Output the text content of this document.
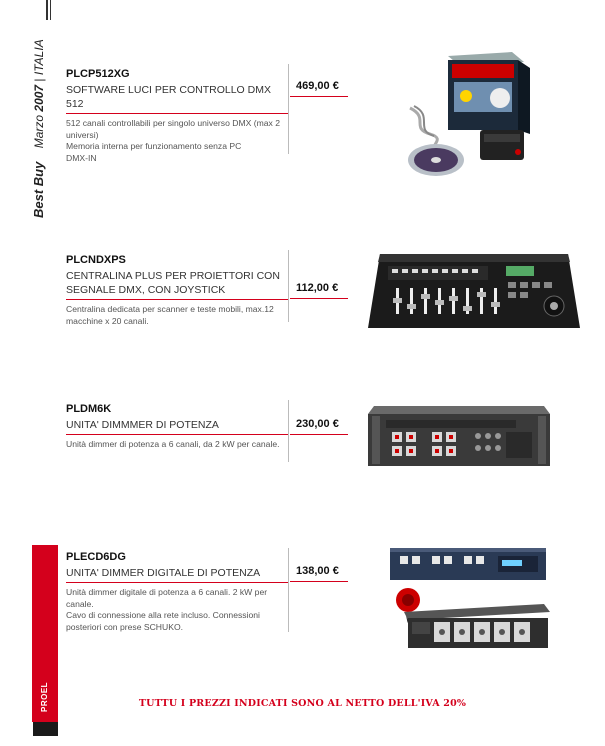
Best Buy Marzo 2007 | ITALIA
PROEL
PLCP512XG
SOFTWARE LUCI PER CONTROLLO DMX 512
512 canali controllabili per singolo universo DMX (max 2 universi)
Memoria interna per funzionamento senza PC
DMX-IN
469,00 €
PLCNDXPS
CENTRALINA PLUS PER PROIETTORI CON SEGNALE DMX, CON JOYSTICK
Centralina dedicata per scanner e teste mobili, max.12 macchine x 20 canali.
112,00 €
PLDM6K
UNITA' DIMMMER DI POTENZA
Unità dimmer di potenza a 6 canali, da 2 kW per canale.
230,00 €
PLECD6DG
UNITA' DIMMER DIGITALE DI POTENZA
Unità dimmer digitale di potenza a 6 canali. 2 kW per canale.
Cavo di connessione alla rete incluso. Connessioni posteriori con prese SCHUKO.
138,00 €
TUTTU I PREZZI INDICATI SONO AL NETTO DELL'IVA 20%
